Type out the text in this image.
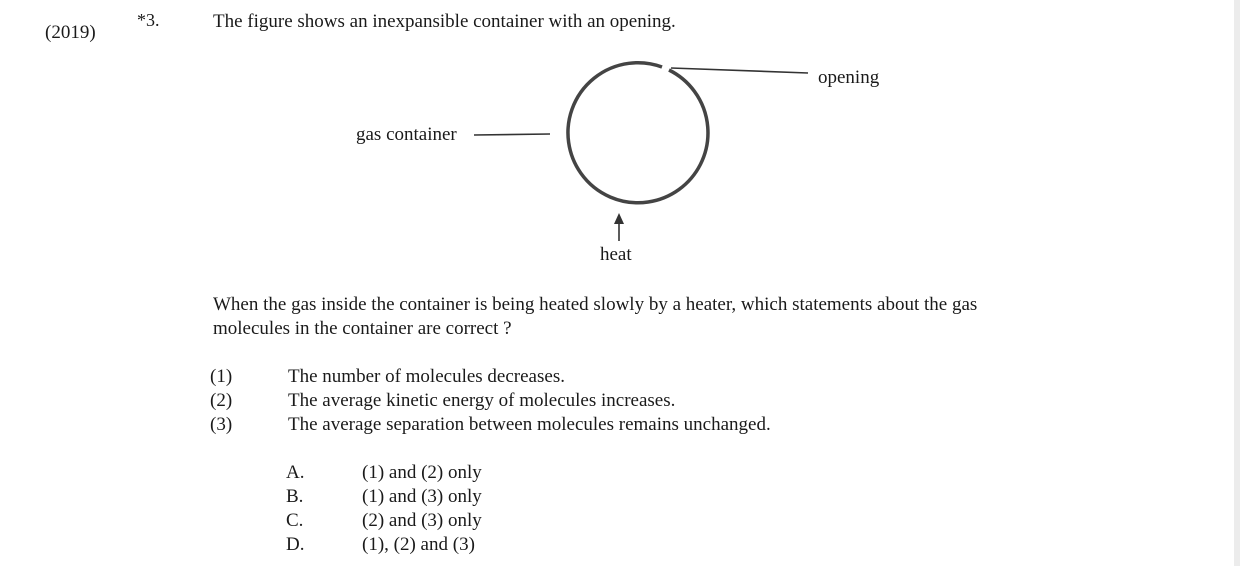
(2019)
*3.	The figure shows an inexpansible container with an opening.
gas container
opening
heat
When the gas inside the container is being heated slowly by a heater, which statements about the gas
molecules in the container are correct ?
(1)	The number of molecules decreases.
(2)	The average kinetic energy of molecules increases.
(3)	The average separation between molecules remains unchanged.
A.	(1) and (2) only
B.	(1) and (3) only
C.	(2) and (3) only
D.	(1), (2) and (3)
